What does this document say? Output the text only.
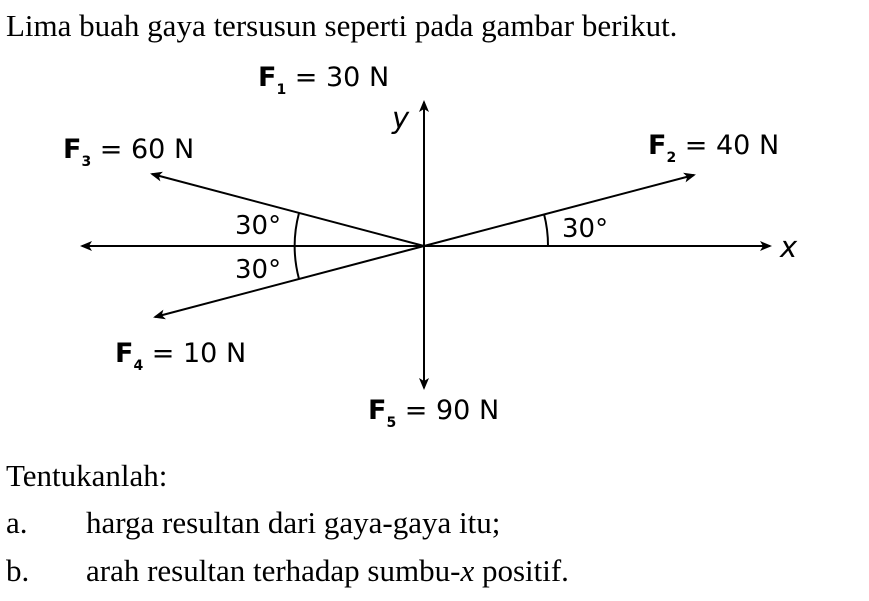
Lima buah gaya tersusun seperti pada gambar berikut.
$F_1 = 30$ N
$F_2 = 40$ N
$F_3 = 60$ N
$F_4 = 10$ N
$F_5 = 90$ N
30°
30°
30°
y
x
Tentukanlah:
a. harga resultan dari gaya-gaya itu;
b. arah resultan terhadap sumbu-x positif.
